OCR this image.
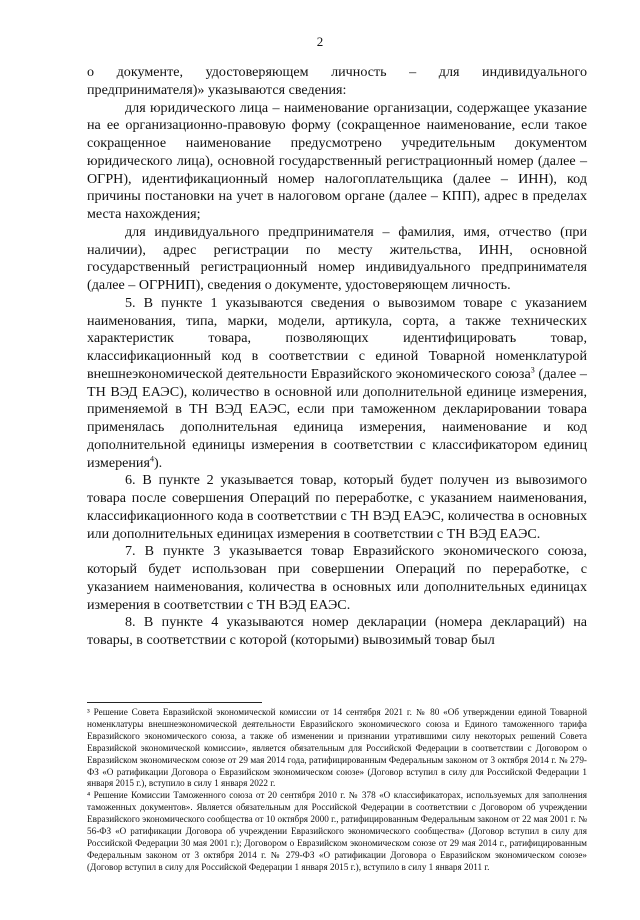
2

о документе, удостоверяющем личность – для индивидуального предпринимателя)» указываются сведения:

для юридического лица – наименование организации, содержащее указание на ее организационно-правовую форму (сокращенное наименование, если такое сокращенное наименование предусмотрено учредительным документом юридического лица), основной государственный регистрационный номер (далее – ОГРН), идентификационный номер налогоплательщика (далее – ИНН), код причины постановки на учет в налоговом органе (далее – КПП), адрес в пределах места нахождения;

для индивидуального предпринимателя – фамилия, имя, отчество (при наличии), адрес регистрации по месту жительства, ИНН, основной государственный регистрационный номер индивидуального предпринимателя (далее – ОГРНИП), сведения о документе, удостоверяющем личность.

5. В пункте 1 указываются сведения о вывозимом товаре с указанием наименования, типа, марки, модели, артикула, сорта, а также технических характеристик товара, позволяющих идентифицировать товар, классификационный код в соответствии с единой Товарной номенклатурой внешнеэкономической деятельности Евразийского экономического союза$^3$ (далее – ТН ВЭД ЕАЭС), количество в основной или дополнительной единице измерения, применяемой в ТН ВЭД ЕАЭС, если при таможенном декларировании товара применялась дополнительная единица измерения, наименование и код дополнительной единицы измерения в соответствии с классификатором единиц измерения$^4$).

6. В пункте 2 указывается товар, который будет получен из вывозимого товара после совершения Операций по переработке, с указанием наименования, классификационного кода в соответствии с ТН ВЭД ЕАЭС, количества в основных или дополнительных единицах измерения в соответствии с ТН ВЭД ЕАЭС.

7. В пункте 3 указывается товар Евразийского экономического союза, который будет использован при совершении Операций по переработке, с указанием наименования, количества в основных или дополнительных единицах измерения в соответствии с ТН ВЭД ЕАЭС.

8. В пункте 4 указываются номер декларации (номера деклараций) на товары, в соответствии с которой (которыми) вывозимый товар был

³ Решение Совета Евразийской экономической комиссии от 14 сентября 2021 г. № 80 «Об утверждении единой Товарной номенклатуры внешнеэкономической деятельности Евразийского экономического союза и Единого таможенного тарифа Евразийского экономического союза, а также об изменении и признании утратившими силу некоторых решений Совета Евразийской экономической комиссии», является обязательным для Российской Федерации в соответствии с Договором о Евразийском экономическом союзе от 29 мая 2014 года, ратифицированным Федеральным законом от 3 октября 2014 г. № 279-ФЗ «О ратификации Договора о Евразийском экономическом союзе» (Договор вступил в силу для Российской Федерации 1 января 2015 г.), вступило в силу 1 января 2022 г.

⁴ Решение Комиссии Таможенного союза от 20 сентября 2010 г. № 378 «О классификаторах, используемых для заполнения таможенных документов». Является обязательным для Российской Федерации в соответствии с Договором об учреждении Евразийского экономического сообщества от 10 октября 2000 г., ратифицированным Федеральным законом от 22 мая 2001 г. № 56-ФЗ «О ратификации Договора об учреждении Евразийского экономического сообщества» (Договор вступил в силу для Российской Федерации 30 мая 2001 г.); Договором о Евразийском экономическом союзе от 29 мая 2014 г., ратифицированным Федеральным законом от 3 октября 2014 г. № 279-ФЗ «О ратификации Договора о Евразийском экономическом союзе» (Договор вступил в силу для Российской Федерации 1 января 2015 г.), вступило в силу 1 января 2011 г.
